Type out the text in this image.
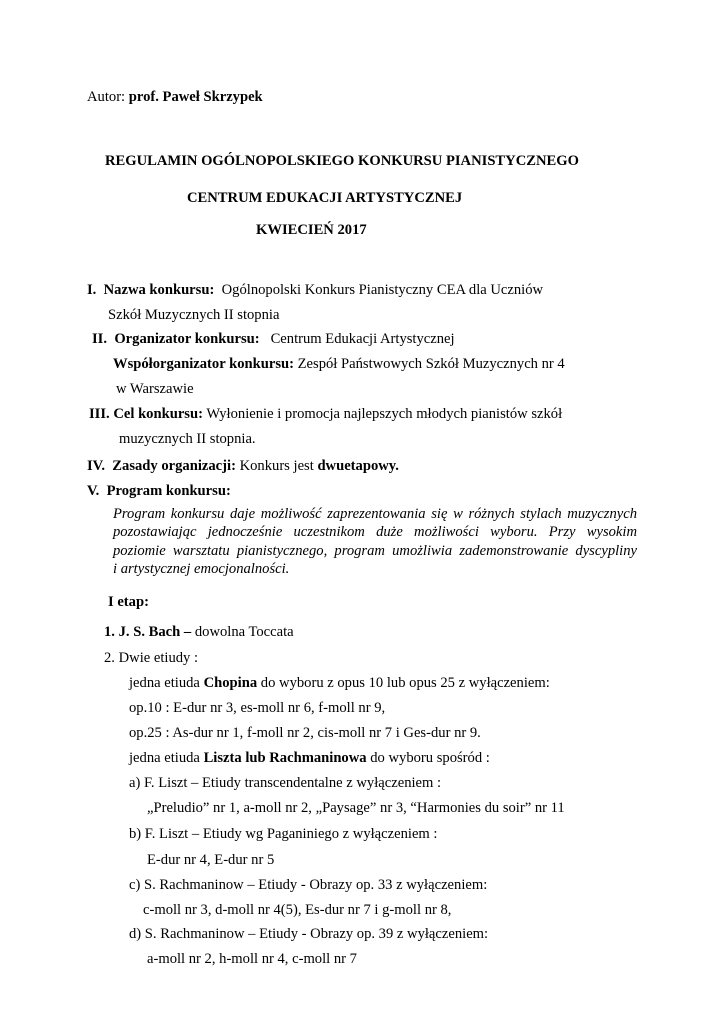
Autor: prof. Paweł Skrzypek
REGULAMIN OGÓLNOPOLSKIEGO KONKURSU PIANISTYCZNEGO
CENTRUM EDUKACJI ARTYSTYCZNEJ
KWIECIEŃ 2017
I. Nazwa konkursu: Ogólnopolski Konkurs Pianistyczny CEA dla Uczniów
Szkół Muzycznych II stopnia
II. Organizator konkursu: Centrum Edukacji Artystycznej
Współorganizator konkursu: Zespół Państwowych Szkół Muzycznych nr 4
w Warszawie
III. Cel konkursu: Wyłonienie i promocja najlepszych młodych pianistów szkół
muzycznych II stopnia.
IV. Zasady organizacji: Konkurs jest dwuetapowy.
V. Program konkursu:
Program konkursu daje możliwość zaprezentowania się w różnych stylach muzycznych
pozostawiając jednocześnie uczestnikom duże możliwości wyboru. Przy wysokim
poziomie warsztatu pianistycznego, program umożliwia zademonstrowanie dyscypliny
i artystycznej emocjonalności.
I etap:
1. J. S. Bach – dowolna Toccata
2. Dwie etiudy :
jedna etiuda Chopina do wyboru z opus 10 lub opus 25 z wyłączeniem:
op.10 : E-dur nr 3, es-moll nr 6, f-moll nr 9,
op.25 : As-dur nr 1, f-moll nr 2, cis-moll nr 7 i Ges-dur nr 9.
jedna etiuda Liszta lub Rachmaninowa do wyboru spośród :
a) F. Liszt – Etiudy transcendentalne z wyłączeniem :
„Preludio” nr 1, a-moll nr 2, „Paysage” nr 3, “Harmonies du soir” nr 11
b) F. Liszt – Etiudy wg Paganiniego z wyłączeniem :
E-dur nr 4, E-dur nr 5
c) S. Rachmaninow – Etiudy - Obrazy op. 33 z wyłączeniem:
c-moll nr 3, d-moll nr 4(5), Es-dur nr 7 i g-moll nr 8,
d) S. Rachmaninow – Etiudy - Obrazy op. 39 z wyłączeniem:
a-moll nr 2, h-moll nr 4, c-moll nr 7
